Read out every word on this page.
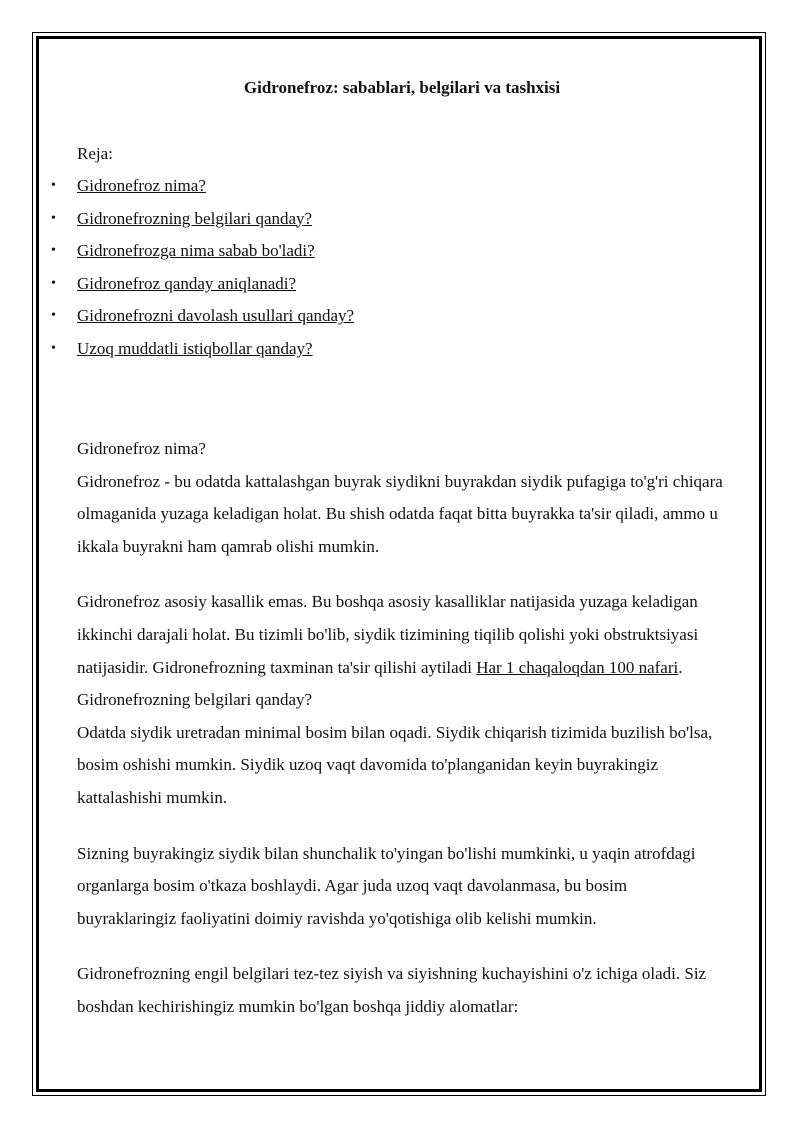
Gidronefroz: sabablari, belgilari va tashxisi

Reja:

• Gidronefroz nima?
• Gidronefrozning belgilari qanday?
• Gidronefrozga nima sabab bo'ladi?
• Gidronefroz qanday aniqlanadi?
• Gidronefrozni davolash usullari qanday?
• Uzoq muddatli istiqbollar qanday?

Gidronefroz nima?

Gidronefroz - bu odatda kattalashgan buyrak siydikni buyrakdan siydik pufagiga to'g'ri chiqara olmaganida yuzaga keladigan holat. Bu shish odatda faqat bitta buyrakka ta'sir qiladi, ammo u ikkala buyrakni ham qamrab olishi mumkin.

Gidronefroz asosiy kasallik emas. Bu boshqa asosiy kasalliklar natijasida yuzaga keladigan ikkinchi darajali holat. Bu tizimli bo'lib, siydik tizimining tiqilib qolishi yoki obstruktsiyasi natijasidir. Gidronefrozning taxminan ta'sir qilishi aytiladi Har 1 chaqaloqdan 100 nafari.

Gidronefrozning belgilari qanday?

Odatda siydik uretradan minimal bosim bilan oqadi. Siydik chiqarish tizimida buzilish bo'lsa, bosim oshishi mumkin. Siydik uzoq vaqt davomida to'planganidan keyin buyrakingiz kattalashishi mumkin.

Sizning buyrakingiz siydik bilan shunchalik to'yingan bo'lishi mumkinki, u yaqin atrofdagi organlarga bosim o'tkaza boshlaydi. Agar juda uzoq vaqt davolanmasa, bu bosim buyraklaringiz faoliyatini doimiy ravishda yo'qotishiga olib kelishi mumkin.

Gidronefrozning engil belgilari tez-tez siyish va siyishning kuchayishini o'z ichiga oladi. Siz boshdan kechirishingiz mumkin bo'lgan boshqa jiddiy alomatlar:
